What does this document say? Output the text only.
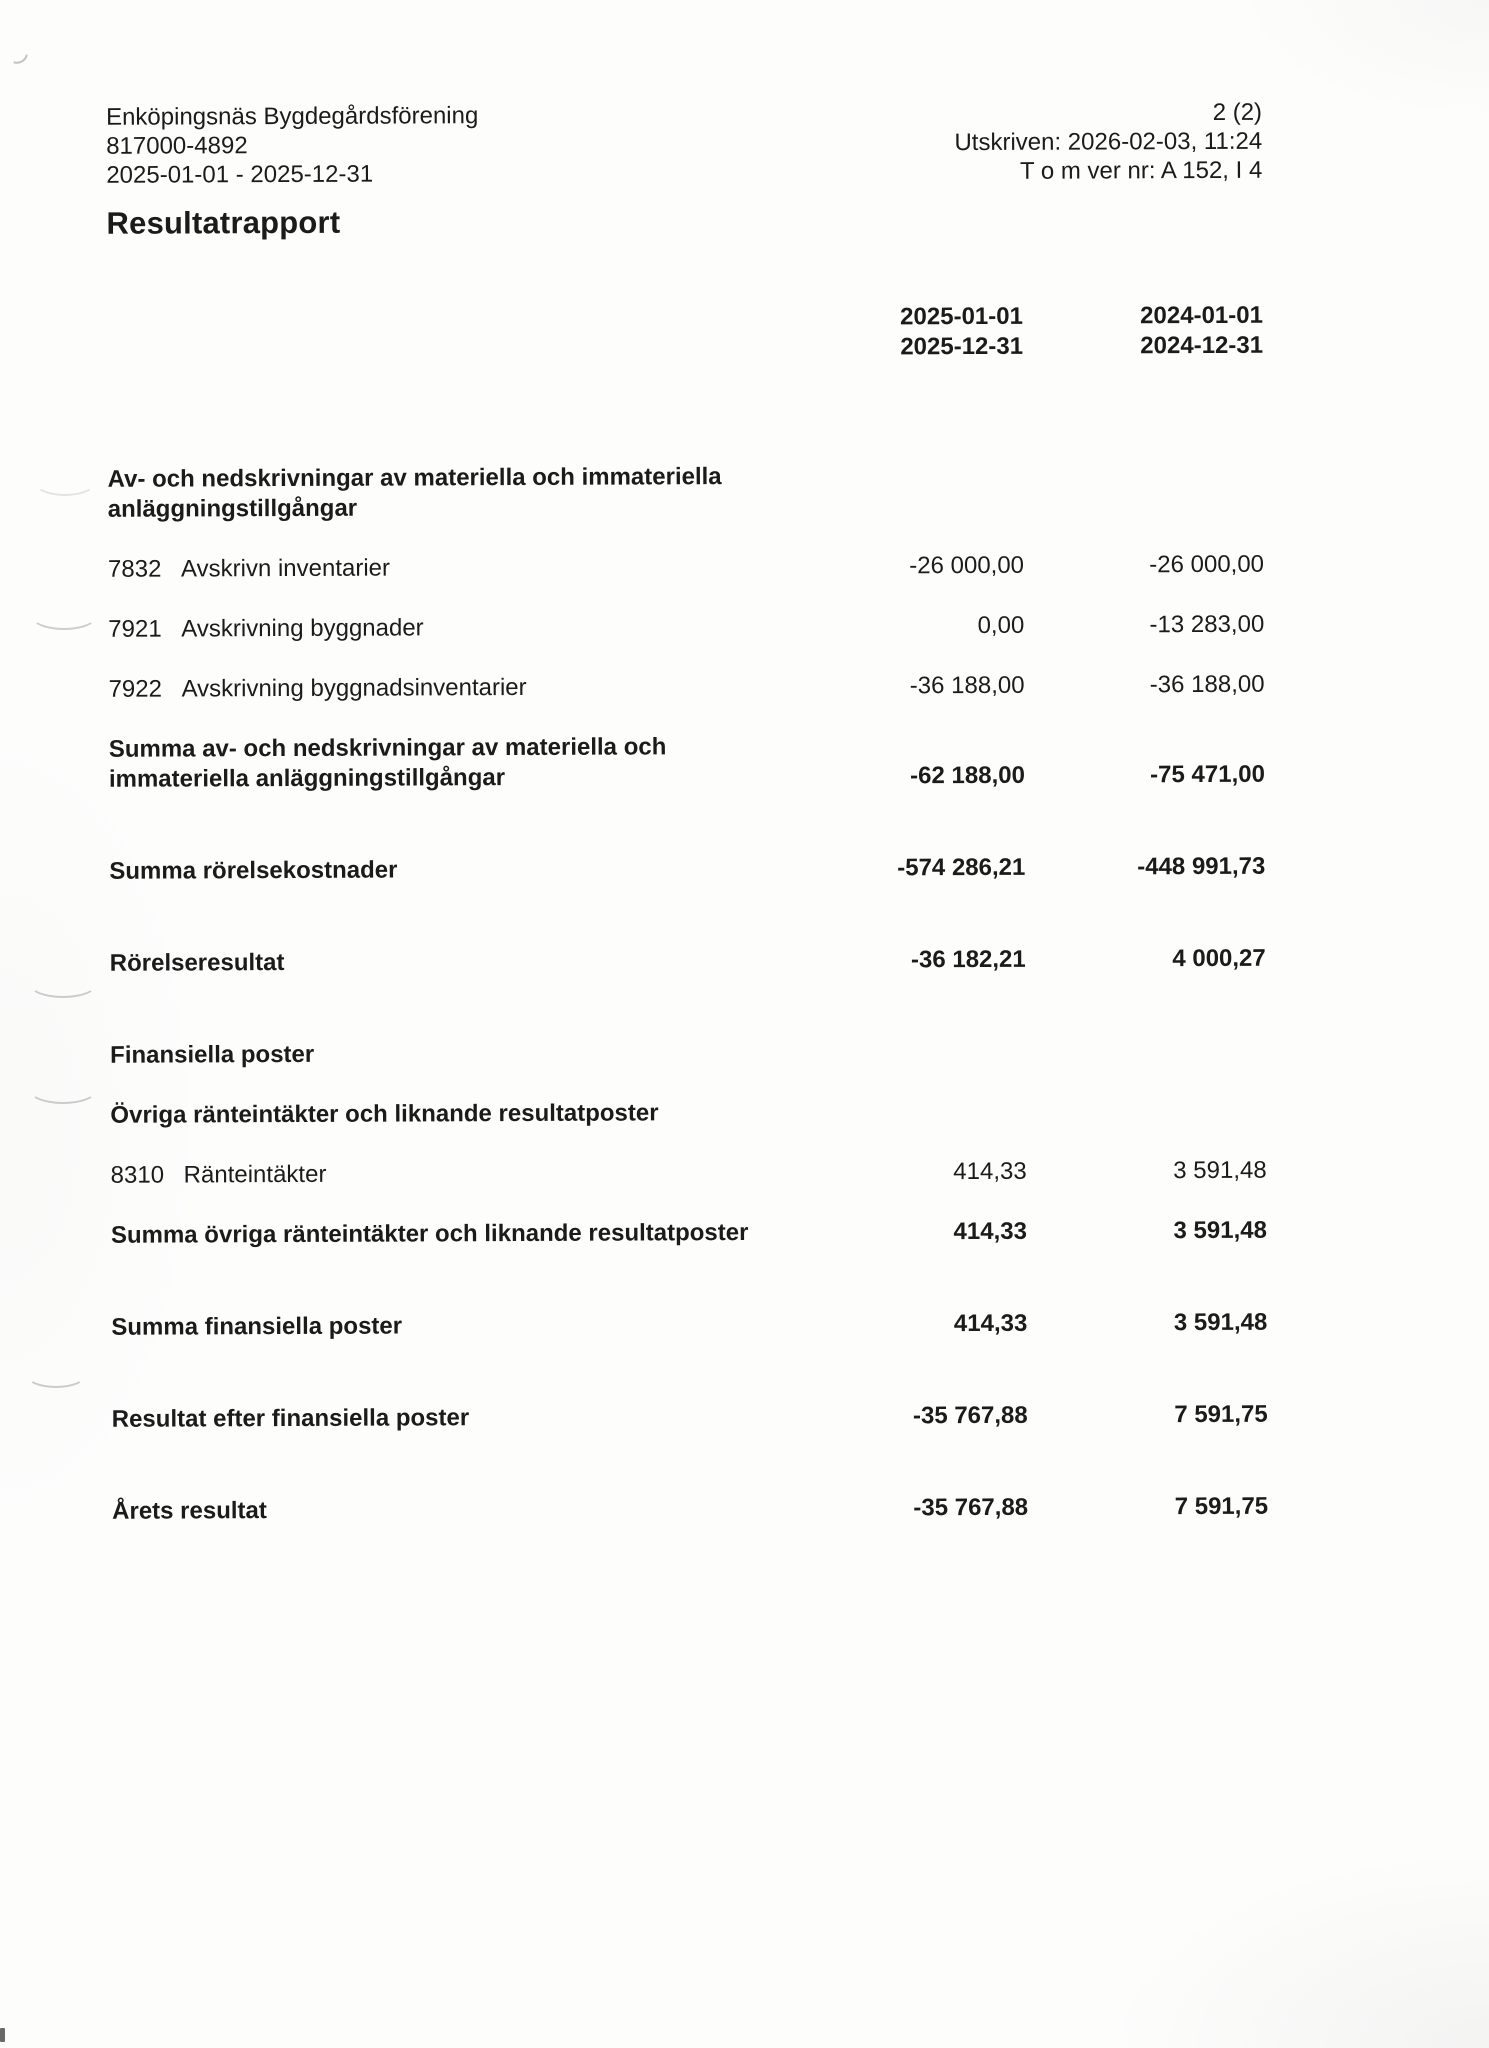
Enköpingsnäs Bygdegårdsförening
817000-4892
2025-01-01 - 2025-12-31
2 (2)
Utskriven: 2026-02-03, 11:24
T o m ver nr: A 152, I 4
Resultatrapport
2025-01-01
2025-12-31
2024-01-01
2024-12-31

Av- och nedskrivningar av materiella och immateriella
anläggningstillgångar

7832 Avskrivn inventarier	-26 000,00	-26 000,00

7921 Avskrivning byggnader	0,00	-13 283,00

7922 Avskrivning byggnadsinventarier	-36 188,00	-36 188,00

Summa av- och nedskrivningar av materiella och
immateriella anläggningstillgångar	-62 188,00	-75 471,00

Summa rörelsekostnader	-574 286,21	-448 991,73

Rörelseresultat	-36 182,21	4 000,27

Finansiella poster

Övriga ränteintäkter och liknande resultatposter

8310 Ränteintäkter	414,33	3 591,48

Summa övriga ränteintäkter och liknande resultatposter	414,33	3 591,48

Summa finansiella poster	414,33	3 591,48

Resultat efter finansiella poster	-35 767,88	7 591,75

Årets resultat	-35 767,88	7 591,75
